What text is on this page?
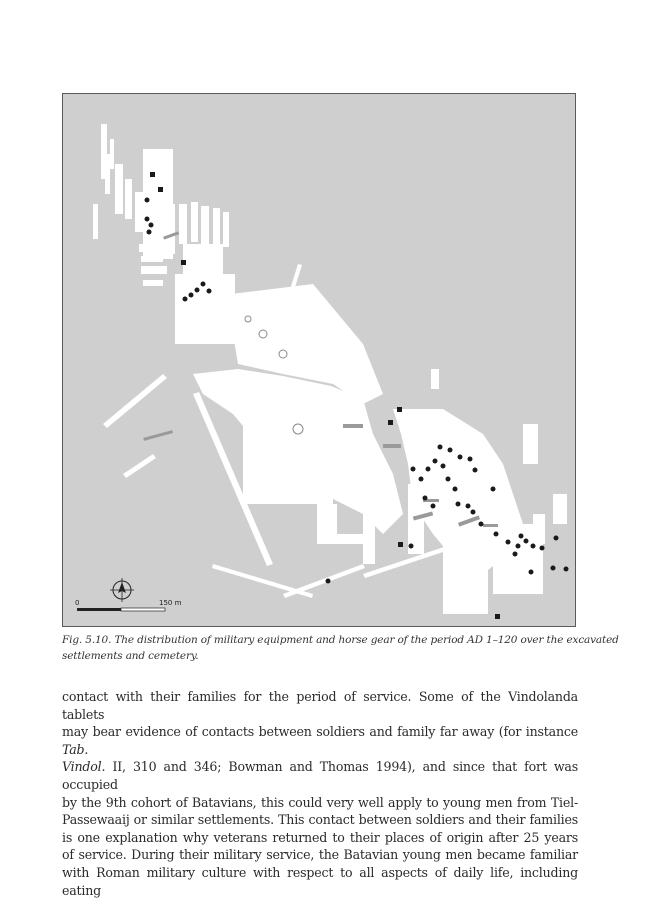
0	150 m
Fig. 5.10. The distribution of military equipment and horse gear of the period AD 1–120 over the excavated
settlements and cemetery.
contact with their families for the period of service. Some of the Vindolanda tablets
may bear evidence of contacts between soldiers and family far away (for instance Tab.
Vindol. II, 310 and 346; Bowman and Thomas 1994), and since that fort was occupied
by the 9th cohort of Batavians, this could very well apply to young men from Tiel-
Passewaaij or similar settlements. This contact between soldiers and their families
is one explanation why veterans returned to their places of origin after 25 years
of service. During their military service, the Batavian young men became familiar
with Roman military culture with respect to all aspects of daily life, including eating
